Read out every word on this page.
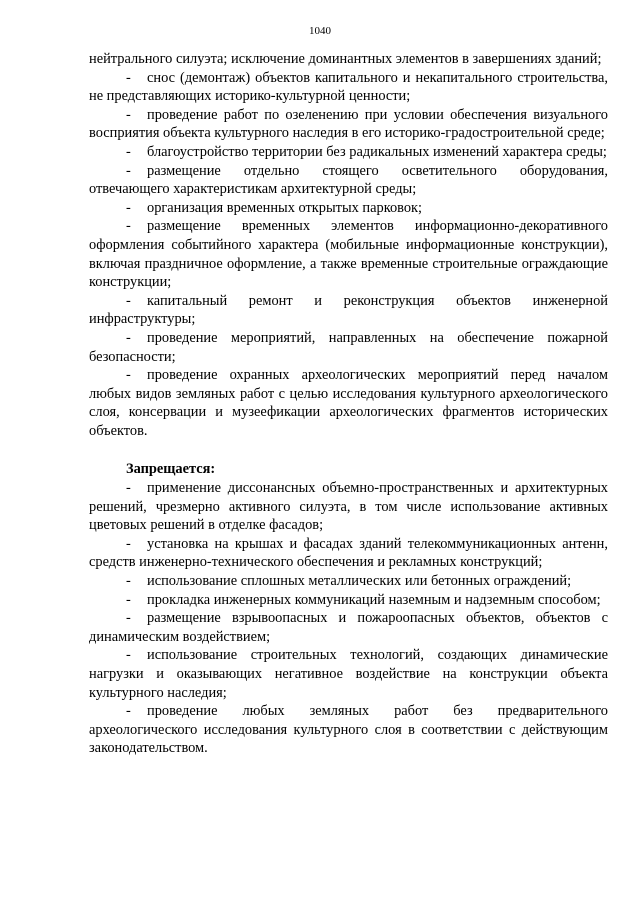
1040

нейтрального силуэта; исключение доминантных элементов в завершениях зданий;

- снос (демонтаж) объектов капитального и некапитального строительства, не представляющих историко-культурной ценности;

- проведение работ по озеленению при условии обеспечения визуального восприятия объекта культурного наследия в его историко-градостроительной среде;

- благоустройство территории без радикальных изменений характера среды;

- размещение отдельно стоящего осветительного оборудования, отвечающего характеристикам архитектурной среды;

- организация временных открытых парковок;

- размещение временных элементов информационно-декоративного оформления событийного характера (мобильные информационные конструкции), включая праздничное оформление, а также временные строительные ограждающие конструкции;

- капитальный ремонт и реконструкция объектов инженерной инфраструктуры;

- проведение мероприятий, направленных на обеспечение пожарной безопасности;

- проведение охранных археологических мероприятий перед началом любых видов земляных работ с целью исследования культурного археологического слоя, консервации и музеефикации археологических фрагментов исторических объектов.

Запрещается:

- применение диссонансных объемно-пространственных и архитектурных решений, чрезмерно активного силуэта, в том числе использование активных цветовых решений в отделке фасадов;

- установка на крышах и фасадах зданий телекоммуникационных антенн, средств инженерно-технического обеспечения и рекламных конструкций;

- использование сплошных металлических или бетонных ограждений;

- прокладка инженерных коммуникаций наземным и надземным способом;

- размещение взрывоопасных и пожароопасных объектов, объектов с динамическим воздействием;

- использование строительных технологий, создающих динамические нагрузки и оказывающих негативное воздействие на конструкции объекта культурного наследия;

- проведение любых земляных работ без предварительного археологического исследования культурного слоя в соответствии с действующим законодательством.
